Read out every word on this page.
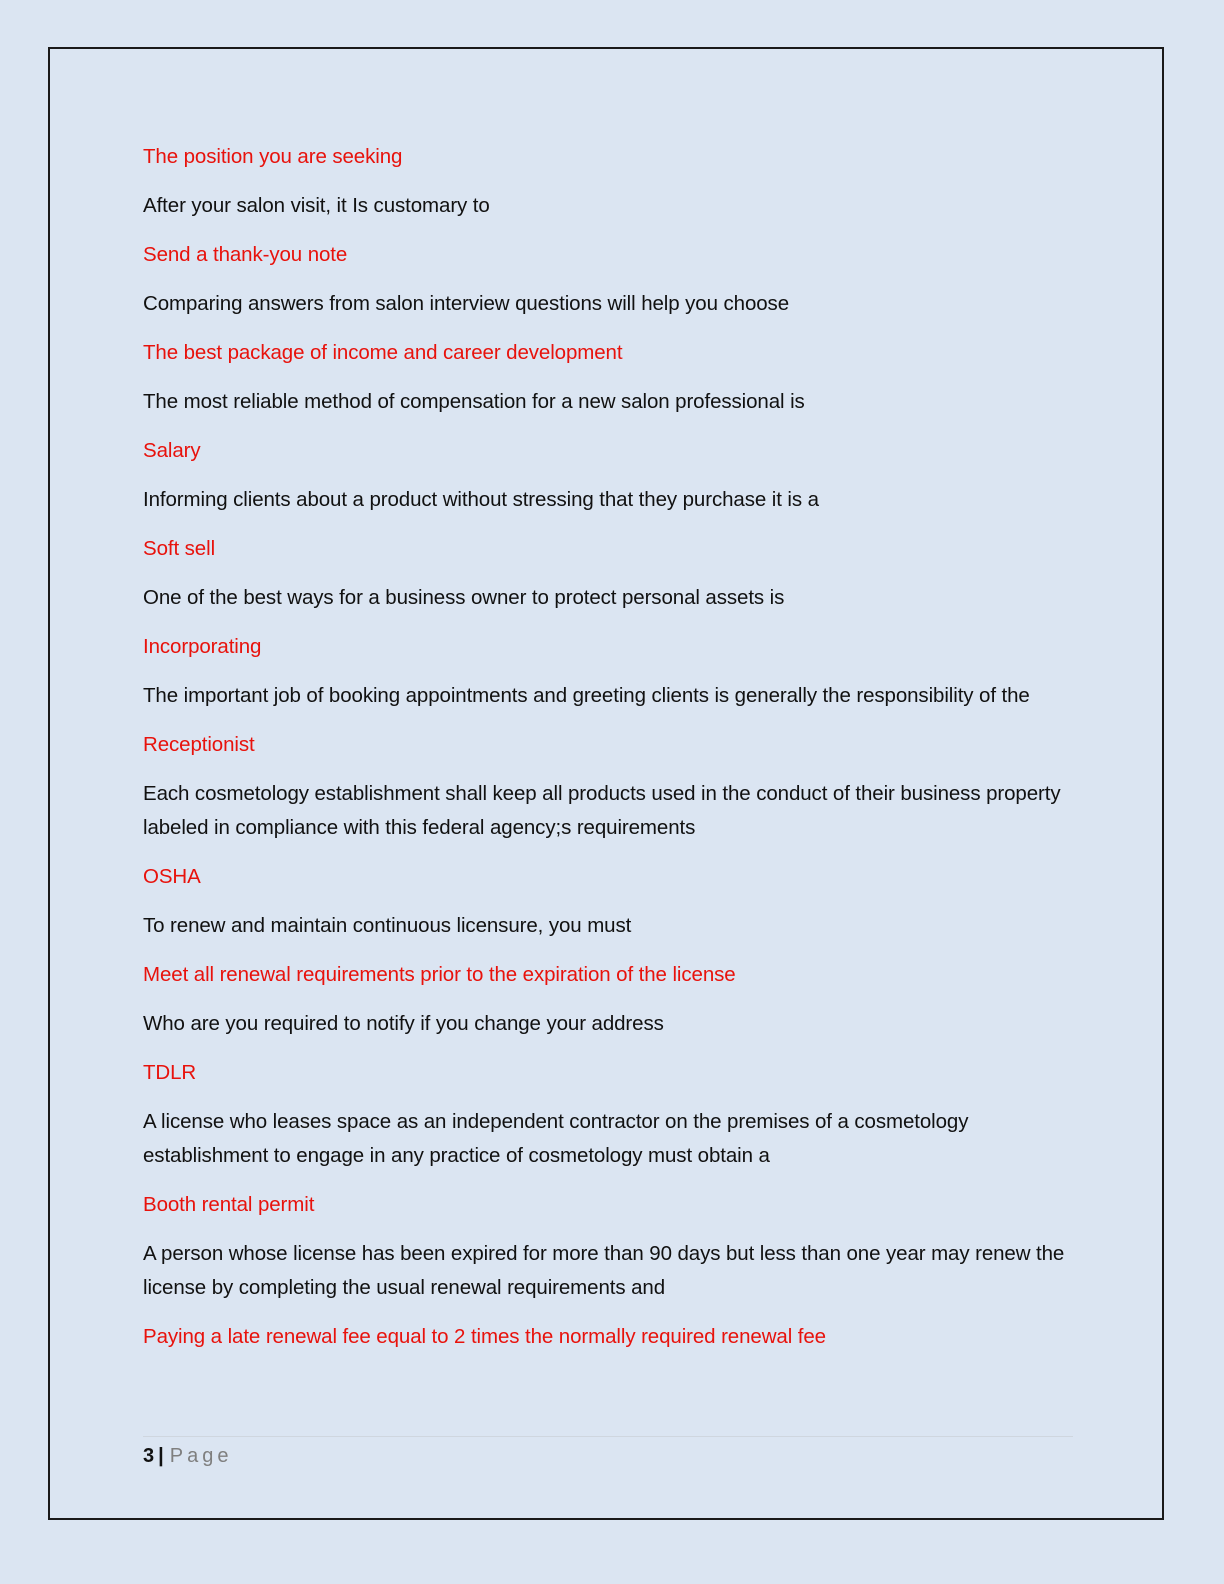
The position you are seeking

After your salon visit, it Is customary to

Send a thank-you note

Comparing answers from salon interview questions will help you choose

The best package of income and career development

The most reliable method of compensation for a new salon professional is

Salary

Informing clients about a product without stressing that they purchase it is a

Soft sell

One of the best ways for a business owner to protect personal assets is

Incorporating

The important job of booking appointments and greeting clients is generally the responsibility of the

Receptionist

Each cosmetology establishment shall keep all products used in the conduct of their business property labeled in compliance with this federal agency;s requirements

OSHA

To renew and maintain continuous licensure, you must

Meet all renewal requirements prior to the expiration of the license

Who are you required to notify if you change your address

TDLR

A license who leases space as an independent contractor on the premises of a cosmetology establishment to engage in any practice of cosmetology must obtain a

Booth rental permit

A person whose license has been expired for more than 90 days but less than one year may renew the license by completing the usual renewal requirements and

Paying a late renewal fee equal to 2 times the normally required renewal fee

3 | Page
